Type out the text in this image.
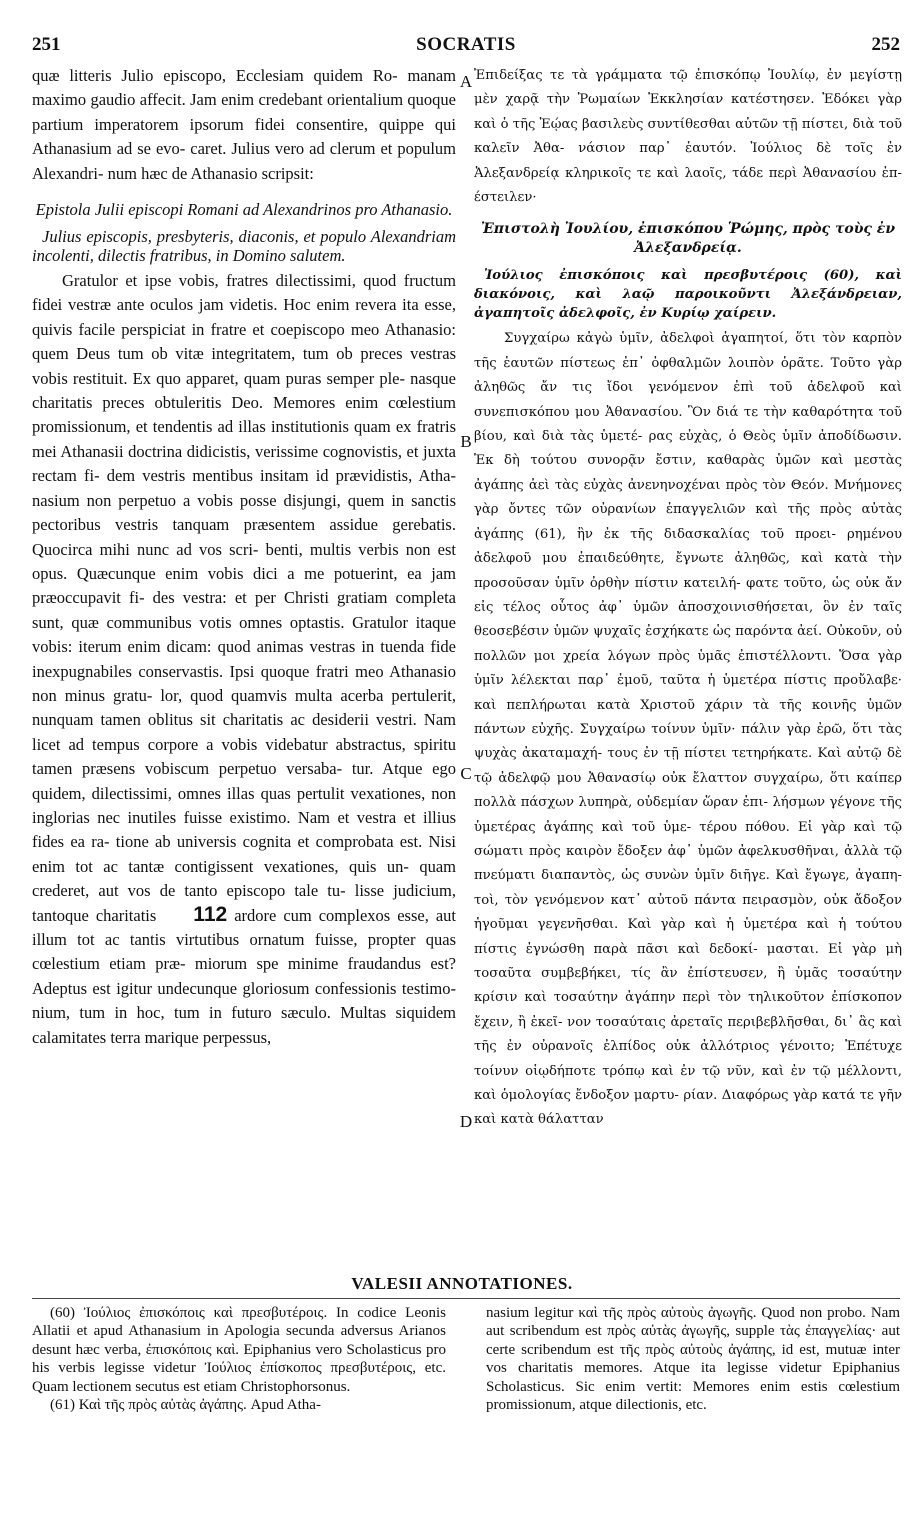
251	SOCRATIS	252

quæ litteris Julio episcopo, Ecclesiam quidem Ro- manam maximo gaudio affecit. Jam enim credebant orientalium quoque partium imperatorem ipsorum fidei consentire, quippe qui Athanasium ad se evo- caret. Julius vero ad clerum et populum Alexandri- num hæc de Athanasio scripsit:

Epistola Julii episcopi Romani ad Alexandrinos pro Athanasio.

Julius episcopis, presbyteris, diaconis, et populo Alexandriam incolenti, dilectis fratribus, in Domino salutem.

Gratulor et ipse vobis, fratres dilectissimi, quod fructum fidei vestræ ante oculos jam videtis. Hoc enim revera ita esse, quivis facile perspiciat in fratre et coepiscopo meo Athanasio: quem Deus tum ob vitæ integritatem, tum ob preces vestras vobis restituit. Ex quo apparet, quam puras semper ple- nasque charitatis preces obtuleritis Deo. Memores enim cœlestium promissionum, et tendentis ad illas institutionis quam ex fratris mei Athanasii doctrina didicistis, verissime cognovistis, et juxta rectam fi- dem vestris mentibus insitam id prævidistis, Atha- nasium non perpetuo a vobis posse disjungi, quem in sanctis pectoribus vestris tanquam præsentem assidue gerebatis. Quocirca mihi nunc ad vos scri- benti, multis verbis non est opus. Quæcunque enim vobis dici a me potuerint, ea jam præoccupavit fi- des vestra: et per Christi gratiam completa sunt, quæ communibus votis omnes optastis. Gratulor itaque vobis: iterum enim dicam: quod animas vestras in tuenda fide inexpugnabiles conservastis. Ipsi quoque fratri meo Athanasio non minus gratu- lor, quod quamvis multa acerba pertulerit, nunquam tamen oblitus sit charitatis ac desiderii vestri. Nam licet ad tempus corpore a vobis videbatur abstractus, spiritu tamen præsens vobiscum perpetuo versaba- tur. Atque ego quidem, dilectissimi, omnes illas quas pertulit vexationes, non inglorias nec inutiles fuisse existimo. Nam et vestra et illius fides ea ra- tione ab universis cognita et comprobata est. Nisi enim tot ac tantæ contigissent vexationes, quis un- quam crederet, aut vos de tanto episcopo tale tu- lisse judicium, tantoque charitatis 112 ardore cum complexos esse, aut illum tot ac tantis virtutibus ornatum fuisse, propter quas cœlestium etiam præ- miorum spe minime fraudandus est? Adeptus est igitur undecunque gloriosum confessionis testimo- nium, tum in hoc, tum in futuro sæculo. Multas siquidem calamitates terra marique perpessus,

A
B
C
D

Ἐπιδείξας τε τὰ γράμματα τῷ ἐπισκόπῳ Ἰουλίῳ, ἐν μεγίστῃ μὲν χαρᾷ τὴν Ῥωμαίων Ἐκκλησίαν κατέστησεν. Ἐδόκει γὰρ καὶ ὁ τῆς Ἑῴας βασιλεὺς συντίθεσθαι αὐτῶν τῇ πίστει, διὰ τοῦ καλεῖν Ἀθα- νάσιον παρ᾿ ἑαυτόν. Ἰούλιος δὲ τοῖς ἐν Ἀλεξανδρείᾳ κληρικοῖς τε καὶ λαοῖς, τάδε περὶ Ἀθανασίου ἐπ- έστειλεν·

Ἐπιστολὴ Ἰουλίου, ἐπισκόπου Ῥώμης, πρὸς τοὺς ἐν Ἀλεξανδρείᾳ.

Ἰούλιος ἐπισκόποις καὶ πρεσβυτέροις (60), καὶ διακόνοις, καὶ λαῷ παροικοῦντι Ἀλεξάνδρειαν, ἀγαπητοῖς ἀδελφοῖς, ἐν Κυρίῳ χαίρειν.

Συγχαίρω κἀγὼ ὑμῖν, ἀδελφοὶ ἀγαπητοί, ὅτι τὸν καρπὸν τῆς ἑαυτῶν πίστεως ἐπ᾿ ὀφθαλμῶν λοιπὸν ὁρᾶτε. Τοῦτο γὰρ ἀληθῶς ἄν τις ἴδοι γενόμενον ἐπὶ τοῦ ἀδελφοῦ καὶ συνεπισκόπου μου Ἀθανασίου. Ὃν διά τε τὴν καθαρότητα τοῦ βίου, καὶ διὰ τὰς ὑμετέ- ρας εὐχὰς, ὁ Θεὸς ὑμῖν ἀποδίδωσιν. Ἐκ δὴ τούτου συνορᾷν ἔστιν, καθαρὰς ὑμῶν καὶ μεστὰς ἀγάπης ἀεὶ τὰς εὐχὰς ἀνενηνοχέναι πρὸς τὸν Θεόν. Μνήμονες γὰρ ὄντες τῶν οὐρανίων ἐπαγγελιῶν καὶ τῆς πρὸς αὐτὰς ἀγάπης (61), ἣν ἐκ τῆς διδασκαλίας τοῦ προει- ρημένου ἀδελφοῦ μου ἐπαιδεύθητε, ἔγνωτε ἀληθῶς, καὶ κατὰ τὴν προσοῦσαν ὑμῖν ὀρθὴν πίστιν κατειλή- φατε τοῦτο, ὡς οὐκ ἄν εἰς τέλος οὗτος ἀφ᾿ ὑμῶν ἀποσχοινισθήσεται, ὃν ἐν ταῖς θεοσεβέσιν ὑμῶν ψυχαῖς ἐσχήκατε ὡς παρόντα ἀεί. Οὐκοῦν, οὐ πολλῶν μοι χρεία λόγων πρὸς ὑμᾶς ἐπιστέλλοντι. Ὅσα γὰρ ὑμῖν λέλεκται παρ᾿ ἐμοῦ, ταῦτα ἡ ὑμετέρα πίστις προὔλαβε· καὶ πεπλήρωται κατὰ Χριστοῦ χάριν τὰ τῆς κοινῆς ὑμῶν πάντων εὐχῆς. Συγχαίρω τοίνυν ὑμῖν· πάλιν γὰρ ἐρῶ, ὅτι τὰς ψυχὰς ἀκαταμαχή- τους ἐν τῇ πίστει τετηρήκατε. Καὶ αὐτῷ δὲ τῷ ἀδελφῷ μου Ἀθανασίῳ οὐκ ἔλαττον συγχαίρω, ὅτι καίπερ πολλὰ πάσχων λυπηρὰ, οὐδεμίαν ὥραν ἐπι- λήσμων γέγονε τῆς ὑμετέρας ἀγάπης καὶ τοῦ ὑμε- τέρου πόθου. Εἰ γὰρ καὶ τῷ σώματι πρὸς καιρὸν ἔδοξεν ἀφ᾿ ὑμῶν ἀφελκυσθῆναι, ἀλλὰ τῷ πνεύματι διαπαντὸς, ὡς συνὼν ὑμῖν διῆγε. Καὶ ἔγωγε, ἀγαπη- τοὶ, τὸν γενόμενον κατ᾿ αὐτοῦ πάντα πειρασμὸν, οὐκ ἄδοξον ἡγοῦμαι γεγενῆσθαι. Καὶ γὰρ καὶ ἡ ὑμετέρα καὶ ἡ τούτου πίστις ἐγνώσθη παρὰ πᾶσι καὶ δεδοκί- μασται. Εἰ γὰρ μὴ τοσαῦτα συμβεβήκει, τίς ἂν ἐπίστευσεν, ἢ ὑμᾶς τοσαύτην κρίσιν καὶ τοσαύτην ἀγάπην περὶ τὸν τηλικοῦτον ἐπίσκοπον ἔχειν, ἢ ἐκεῖ- νον τοσαύταις ἀρεταῖς περιβεβλῆσθαι, δι᾿ ἃς καὶ τῆς ἐν οὐρανοῖς ἐλπίδος οὐκ ἀλλότριος γένοιτο; Ἐπέτυχε τοίνυν οἱῳδήποτε τρόπῳ καὶ ἐν τῷ νῦν, καὶ ἐν τῷ μέλλοντι, καὶ ὁμολογίας ἔνδοξον μαρτυ- ρίαν. Διαφόρως γὰρ κατά τε γῆν καὶ κατὰ θάλατταν

VALESII ANNOTATIONES.

(60) Ἰούλιος ἐπισκόποις καὶ πρεσβυτέροις. In codice Leonis Allatii et apud Athanasium in Apologia secunda adversus Arianos desunt hæc verba, ἐπισκόποις καὶ. Epiphanius vero Scholasticus pro his verbis legisse videtur Ἰούλιος ἐπίσκοπος πρεσβυτέροις, etc. Quam lectionem secutus est etiam Christophorsonus.

(61) Καὶ τῆς πρὸς αὐτὰς ἀγάπης. Apud Atha-

nasium legitur καὶ τῆς πρὸς αὐτοὺς ἀγωγῆς. Quod non probo. Nam aut scribendum est πρὸς αὐτὰς ἀγωγῆς, supple τὰς ἐπαγγελίας· aut certe scribendum est τῆς πρὸς αὐτοὺς ἀγάπης, id est, mutuæ inter vos charitatis memores. Atque ita legisse videtur Epiphanius Scholasticus. Sic enim vertit: Memores enim estis cœlestium promissionum, atque dilectionis, etc.
